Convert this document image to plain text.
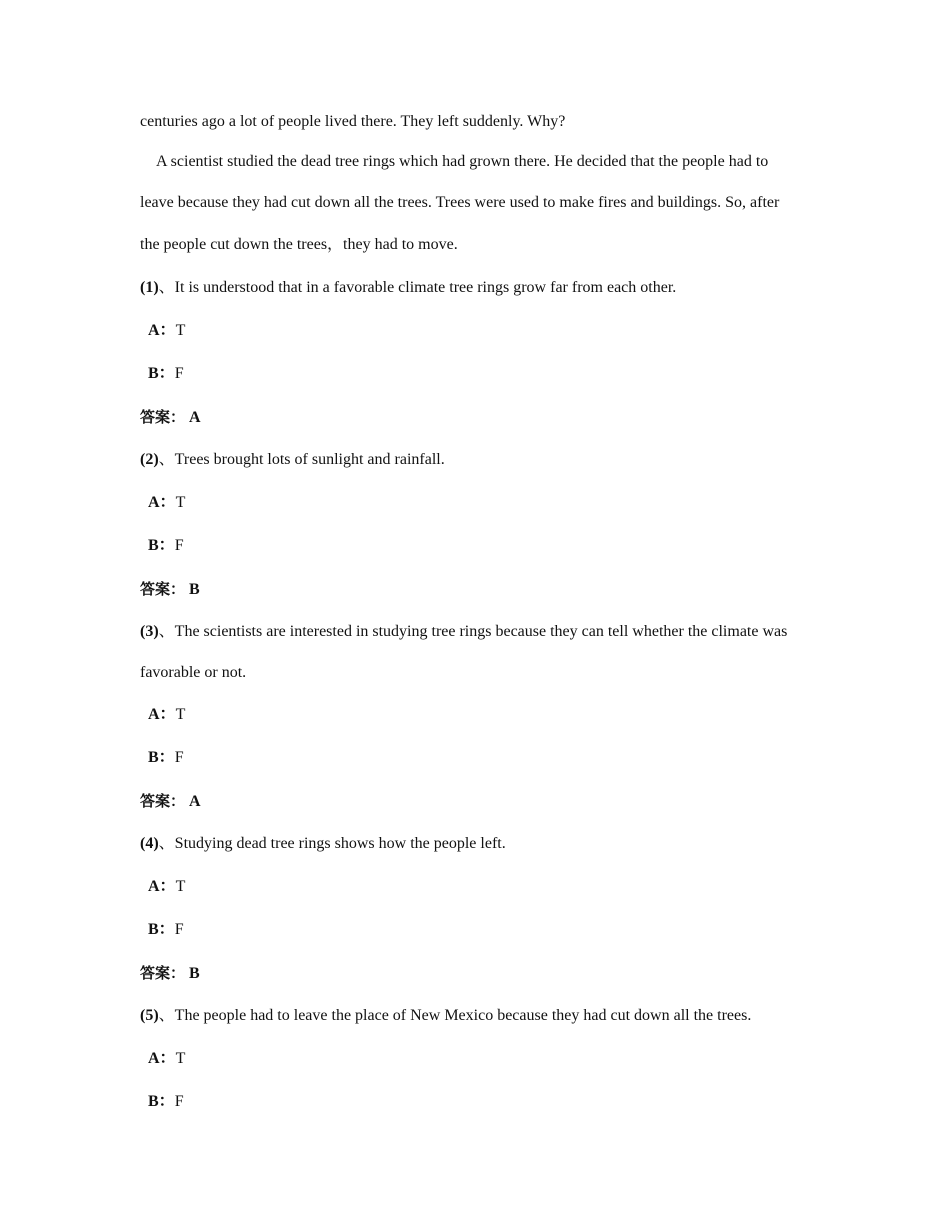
centuries ago a lot of people lived there. They left suddenly. Why?
A scientist studied the dead tree rings which had grown there. He decided that the people had to
leave because they had cut down all the trees. Trees were used to make fires and buildings. So, after
the people cut down the trees，they had to move.
(1)、It is understood that in a favorable climate tree rings grow far from each other.
A：T
B：F
答案： A
(2)、Trees brought lots of sunlight and rainfall.
A：T
B：F
答案： B
(3)、The scientists are interested in studying tree rings because they can tell whether the climate was
favorable or not.
A：T
B：F
答案： A
(4)、Studying dead tree rings shows how the people left.
A：T
B：F
答案： B
(5)、The people had to leave the place of New Mexico because they had cut down all the trees.
A：T
B：F
